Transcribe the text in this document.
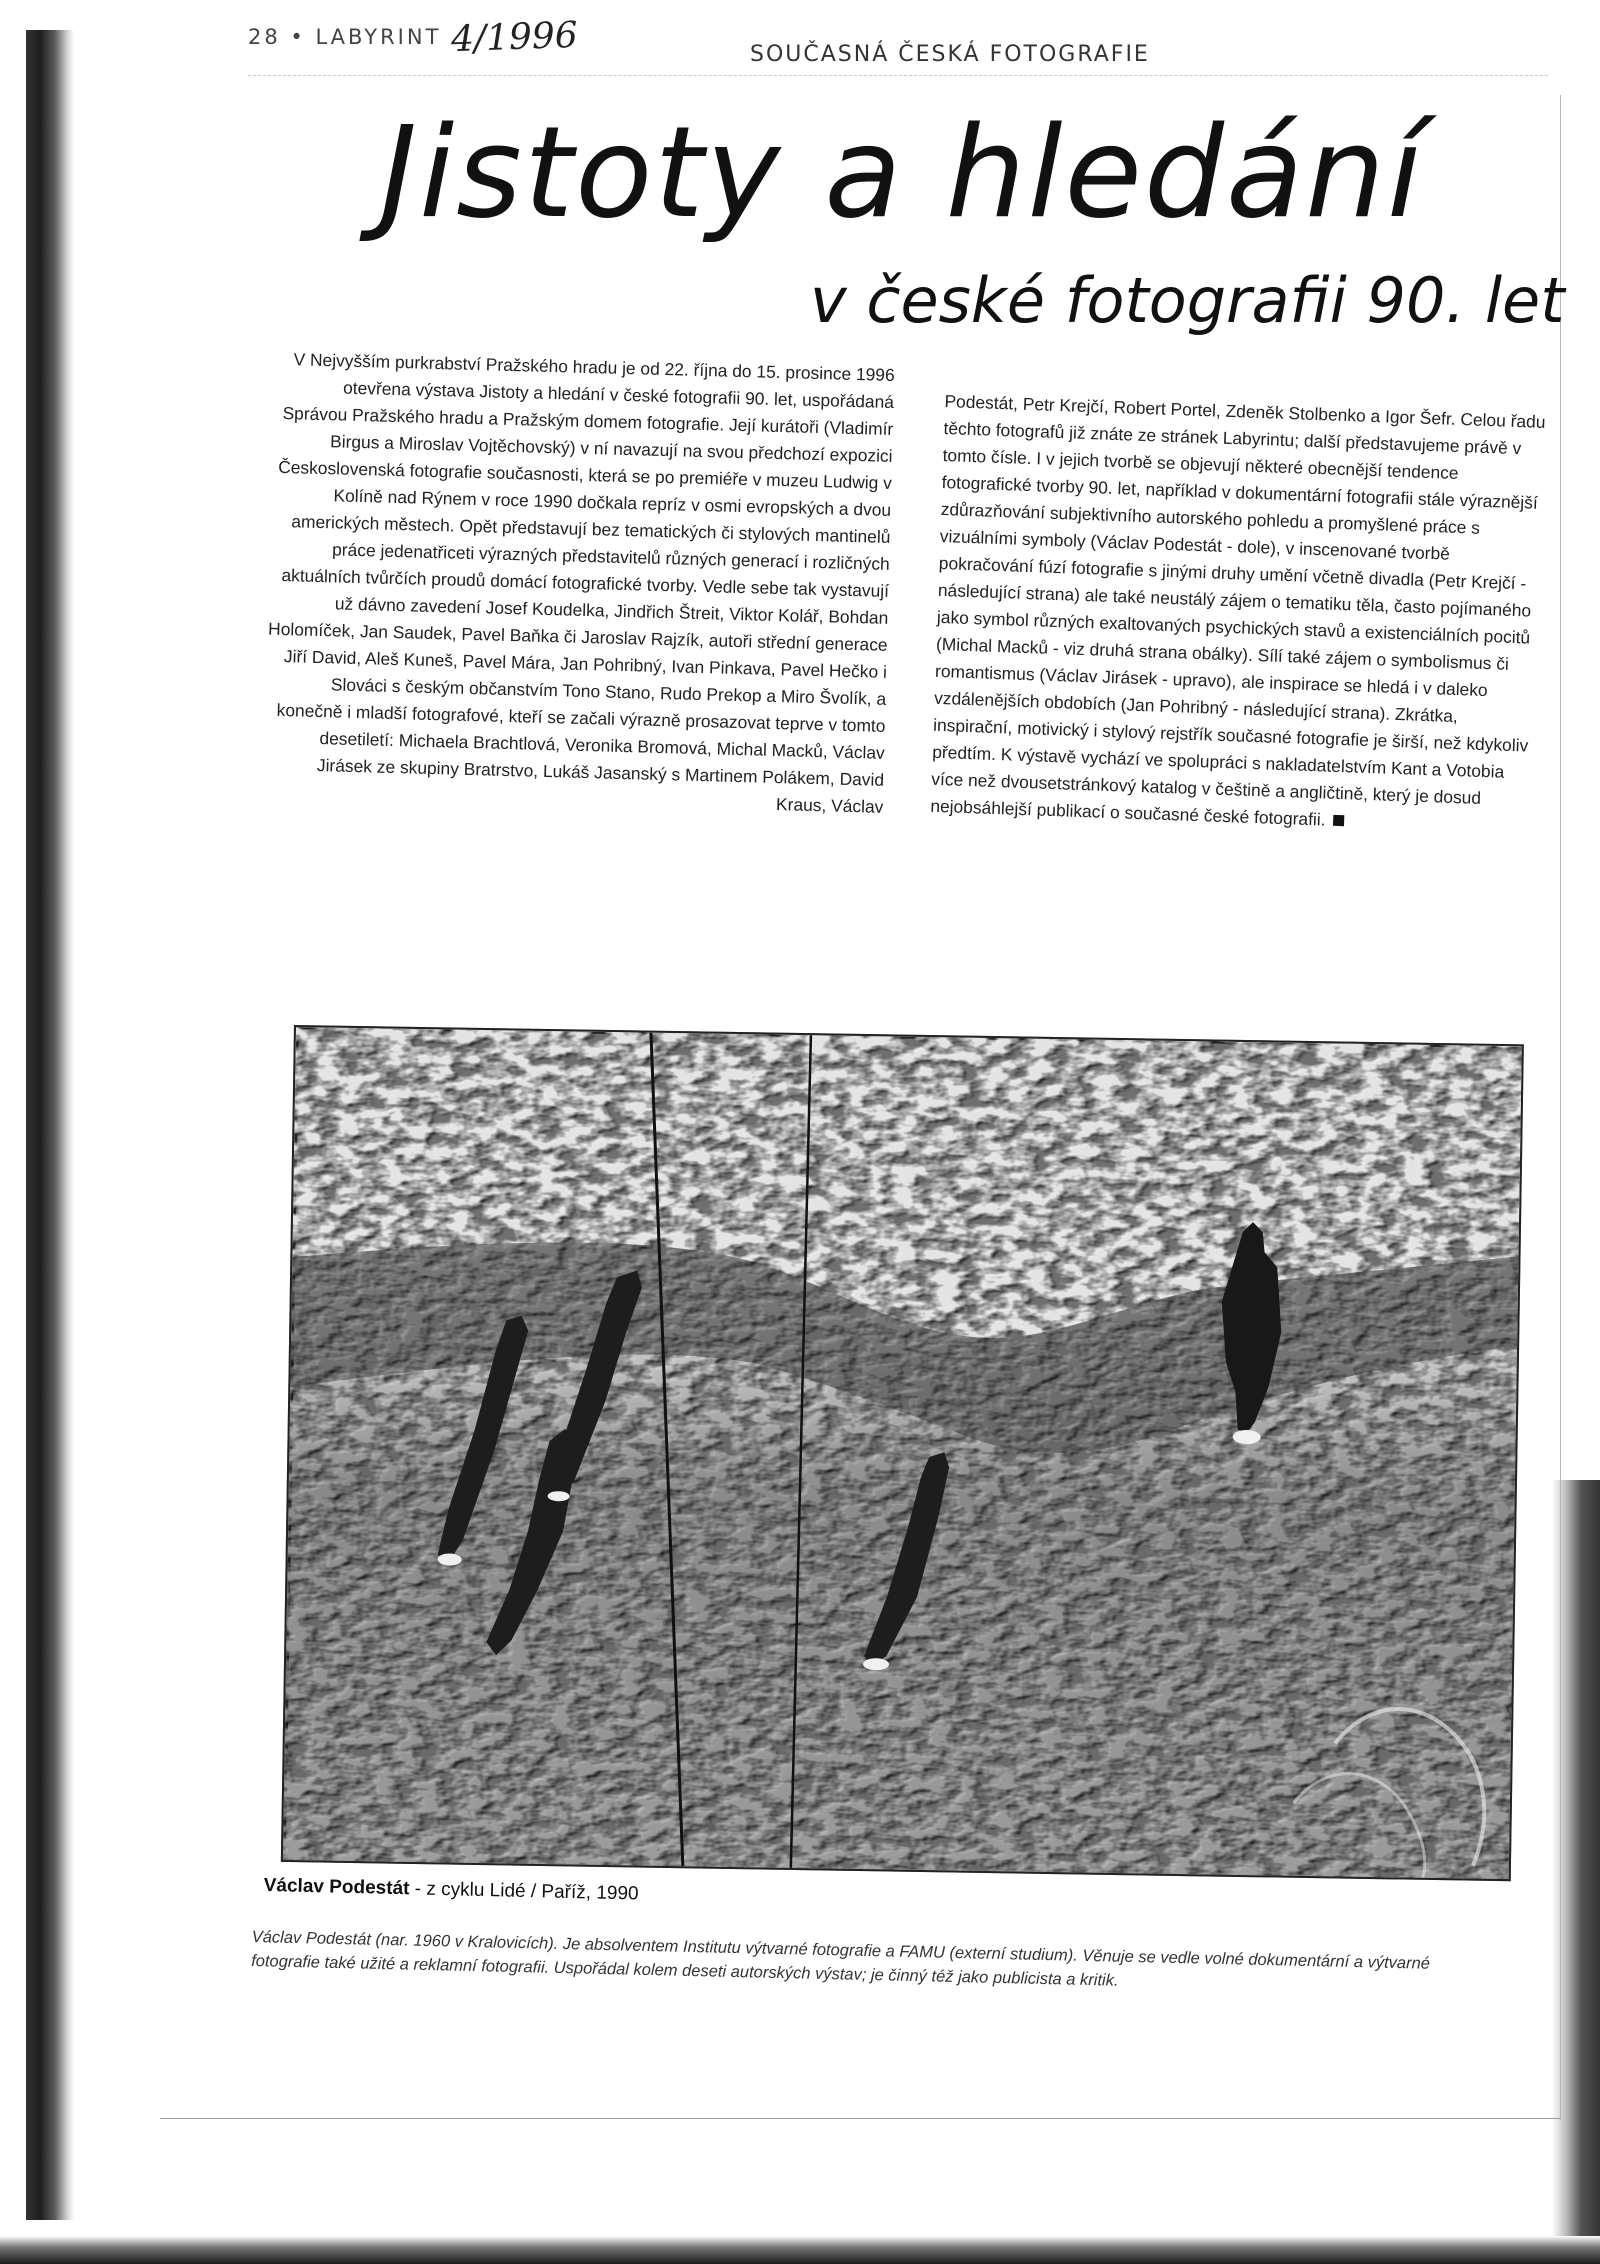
28 • LABYRINT 4/1996	SOUČASNÁ ČESKÁ FOTOGRAFIE
Jistoty a hledání
v české fotografii 90. let

V Nejvyšším purkrabství Pražského hradu je od 22. října do 15. prosince 1996 otevřena výstava Jistoty a hledání v české fotografii 90. let, uspořádaná Správou Pražského hradu a Pražským domem fotografie. Její kurátoři (Vladimír Birgus a Miroslav Vojtěchovský) v ní navazují na svou předchozí expozici Československá fotografie současnosti, která se po premiéře v muzeu Ludwig v Kolíně nad Rýnem v roce 1990 dočkala repríz v osmi evropských a dvou amerických městech. Opět představují bez tematických či stylových mantinelů práce jedenatřiceti výrazných představitelů různých generací i rozličných aktuálních tvůrčích proudů domácí fotografické tvorby. Vedle sebe tak vystavují už dávno zavedení Josef Koudelka, Jindřich Štreit, Viktor Kolář, Bohdan Holomíček, Jan Saudek, Pavel Baňka či Jaroslav Rajzík, autoři střední generace Jiří David, Aleš Kuneš, Pavel Mára, Jan Pohribný, Ivan Pinkava, Pavel Hečko i Slováci s českým občanstvím Tono Stano, Rudo Prekop a Miro Švolík, a konečně i mladší fotografové, kteří se začali výrazně prosazovat teprve v tomto desetiletí: Michaela Brachtlová, Veronika Bromová, Michal Macků, Václav Jirásek ze skupiny Bratrstvo, Lukáš Jasanský s Martinem Polákem, David Kraus, Václav

Podestát, Petr Krejčí, Robert Portel, Zdeněk Stolbenko a Igor Šefr. Celou řadu těchto fotografů již znáte ze stránek Labyrintu; další představujeme právě v tomto čísle. I v jejich tvorbě se objevují některé obecnější tendence fotografické tvorby 90. let, například v dokumentární fotografii stále výraznější zdůrazňování subjektivního autorského pohledu a promyšlené práce s vizuálními symboly (Václav Podestát - dole), v inscenované tvorbě pokračování fúzí fotografie s jinými druhy umění včetně divadla (Petr Krejčí - následující strana) ale také neustálý zájem o tematiku těla, často pojímaného jako symbol různých exaltovaných psychických stavů a existenciálních pocitů (Michal Macků - viz druhá strana obálky). Sílí také zájem o symbolismus či romantismus (Václav Jirásek - upravo), ale inspirace se hledá i v daleko vzdálenějších obdobích (Jan Pohribný - následující strana). Zkrátka, inspirační, motivický i stylový rejstřík současné fotografie je širší, než kdykoliv předtím. K výstavě vychází ve spolupráci s nakladatelstvím Kant a Votobia více než dvousetstránkový katalog v češtině a angličtině, který je dosud nejobsáhlejší publikací o současné české fotografii.

Václav Podestát - z cyklu Lidé / Paříž, 1990
Václav Podestát (nar. 1960 v Kralovicích). Je absolventem Institutu výtvarné fotografie a FAMU (externí studium). Věnuje se vedle volné dokumentární a výtvarné fotografie také užité a reklamní fotografii. Uspořádal kolem deseti autorských výstav; je činný též jako publicista a kritik.
